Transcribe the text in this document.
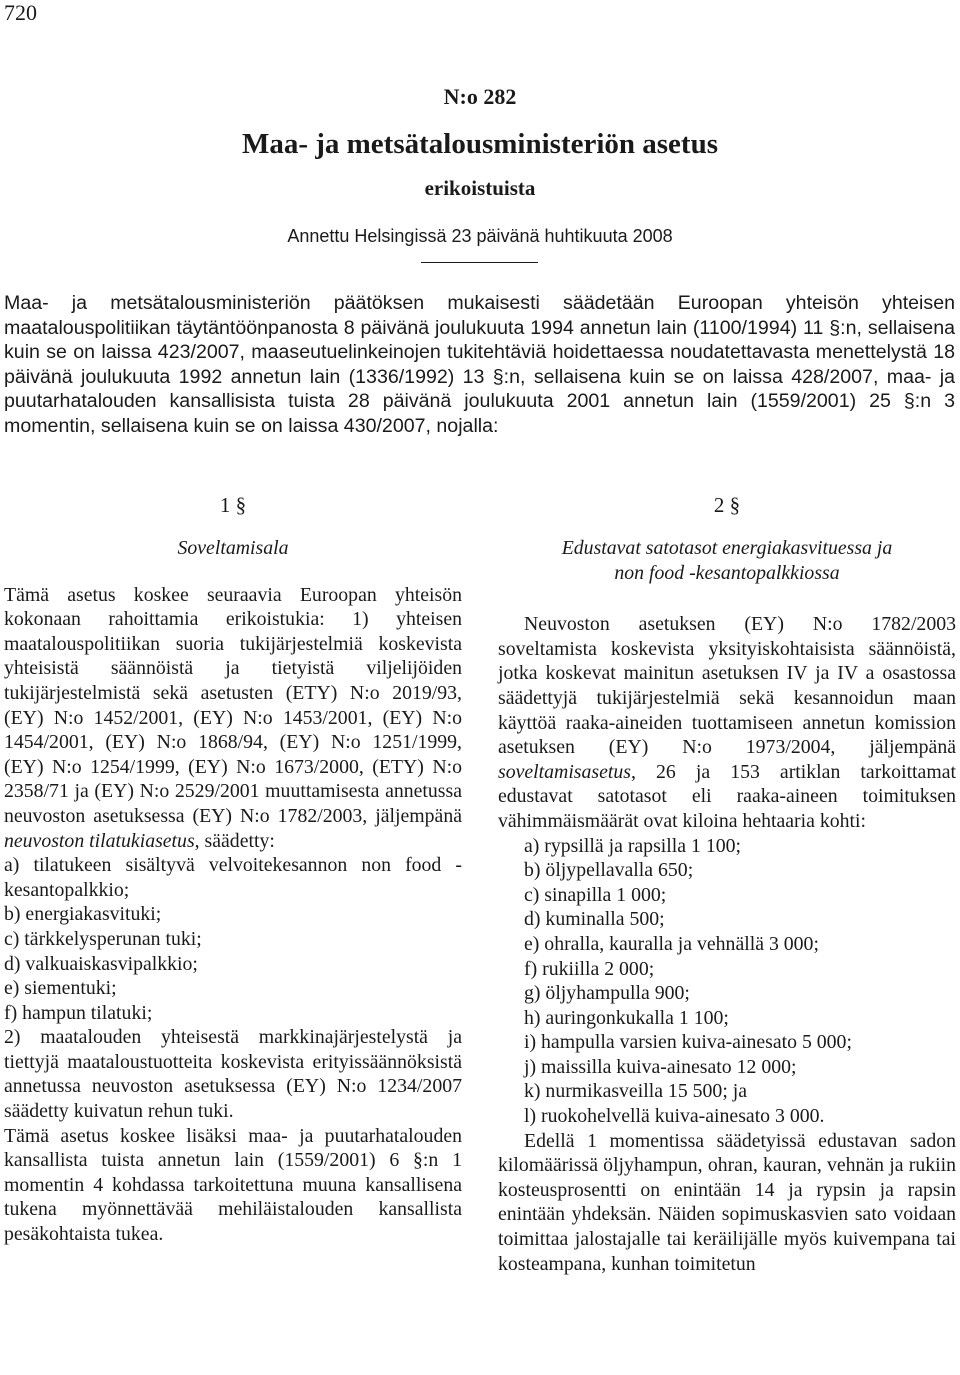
720
N:o 282
Maa- ja metsätalousministeriön asetus
erikoistuista
Annettu Helsingissä 23 päivänä huhtikuuta 2008
Maa- ja metsätalousministeriön päätöksen mukaisesti säädetään Euroopan yhteisön yhteisen maatalouspolitiikan täytäntöönpanosta 8 päivänä joulukuuta 1994 annetun lain (1100/1994) 11 §:n, sellaisena kuin se on laissa 423/2007, maaseutuelinkeinojen tukitehtäviä hoidettaessa noudatettavasta menettelystä 18 päivänä joulukuuta 1992 annetun lain (1336/1992) 13 §:n, sellaisena kuin se on laissa 428/2007, maa- ja puutarhatalouden kansallisista tuista 28 päivänä joulukuuta 2001 annetun lain (1559/2001) 25 §:n 3 momentin, sellaisena kuin se on laissa 430/2007, nojalla:
1 §
Soveltamisala
Tämä asetus koskee seuraavia Euroopan yhteisön kokonaan rahoittamia erikoistukia: 1) yhteisen maatalouspolitiikan suoria tukijärjestelmiä koskevista yhteisistä säännöistä ja tietyistä viljelijöiden tukijärjestelmistä sekä asetusten (ETY) N:o 2019/93, (EY) N:o 1452/2001, (EY) N:o 1453/2001, (EY) N:o 1454/2001, (EY) N:o 1868/94, (EY) N:o 1251/1999, (EY) N:o 1254/1999, (EY) N:o 1673/2000, (ETY) N:o 2358/71 ja (EY) N:o 2529/2001 muuttamisesta annetussa neuvoston asetuksessa (EY) N:o 1782/2003, jäljempänä neuvoston tilatukiasetus, säädetty:
a) tilatukeen sisältyvä velvoitekesannon non food -kesantopalkkio;
b) energiakasvituki;
c) tärkkelysperunan tuki;
d) valkuaiskasvipalkkio;
e) siementuki;
f) hampun tilatuki;
2) maatalouden yhteisestä markkinajärjestelystä ja tiettyjä maataloustuotteita koskevista erityissäännöksistä annetussa neuvoston asetuksessa (EY) N:o 1234/2007 säädetty kuivatun rehun tuki.
Tämä asetus koskee lisäksi maa- ja puutarhatalouden kansallista tuista annetun lain (1559/2001) 6 §:n 1 momentin 4 kohdassa tarkoitettuna muuna kansallisena tukena myönnettävää mehiläistalouden kansallista pesäkohtaista tukea.
2 §
Edustavat satotasot energiakasvituessa ja
non food -kesantopalkkiossa
Neuvoston asetuksen (EY) N:o 1782/2003 soveltamista koskevista yksityiskohtaisista säännöistä, jotka koskevat mainitun asetuksen IV ja IV a osastossa säädettyjä tukijärjestelmiä sekä kesannoidun maan käyttöä raaka-aineiden tuottamiseen annetun komission asetuksen (EY) N:o 1973/2004, jäljempänä soveltamisasetus, 26 ja 153 artiklan tarkoittamat edustavat satotasot eli raaka-aineen toimituksen vähimmäismäärät ovat kiloina hehtaaria kohti:
a) rypsillä ja rapsilla 1 100;
b) öljypellavalla 650;
c) sinapilla 1 000;
d) kuminalla 500;
e) ohralla, kauralla ja vehnällä 3 000;
f) rukiilla 2 000;
g) öljyhampulla 900;
h) auringonkukalla 1 100;
i) hampulla varsien kuiva-ainesato 5 000;
j) maissilla kuiva-ainesato 12 000;
k) nurmikasveilla 15 500; ja
l) ruokohelvellä kuiva-ainesato 3 000.
Edellä 1 momentissa säädetyissä edustavan sadon kilomäärissä öljyhampun, ohran, kauran, vehnän ja rukiin kosteusprosentti on enintään 14 ja rypsin ja rapsin enintään yhdeksän. Näiden sopimuskasvien sato voidaan toimittaa jalostajalle tai keräilijälle myös kuivempana tai kosteampana, kunhan toimitetun
